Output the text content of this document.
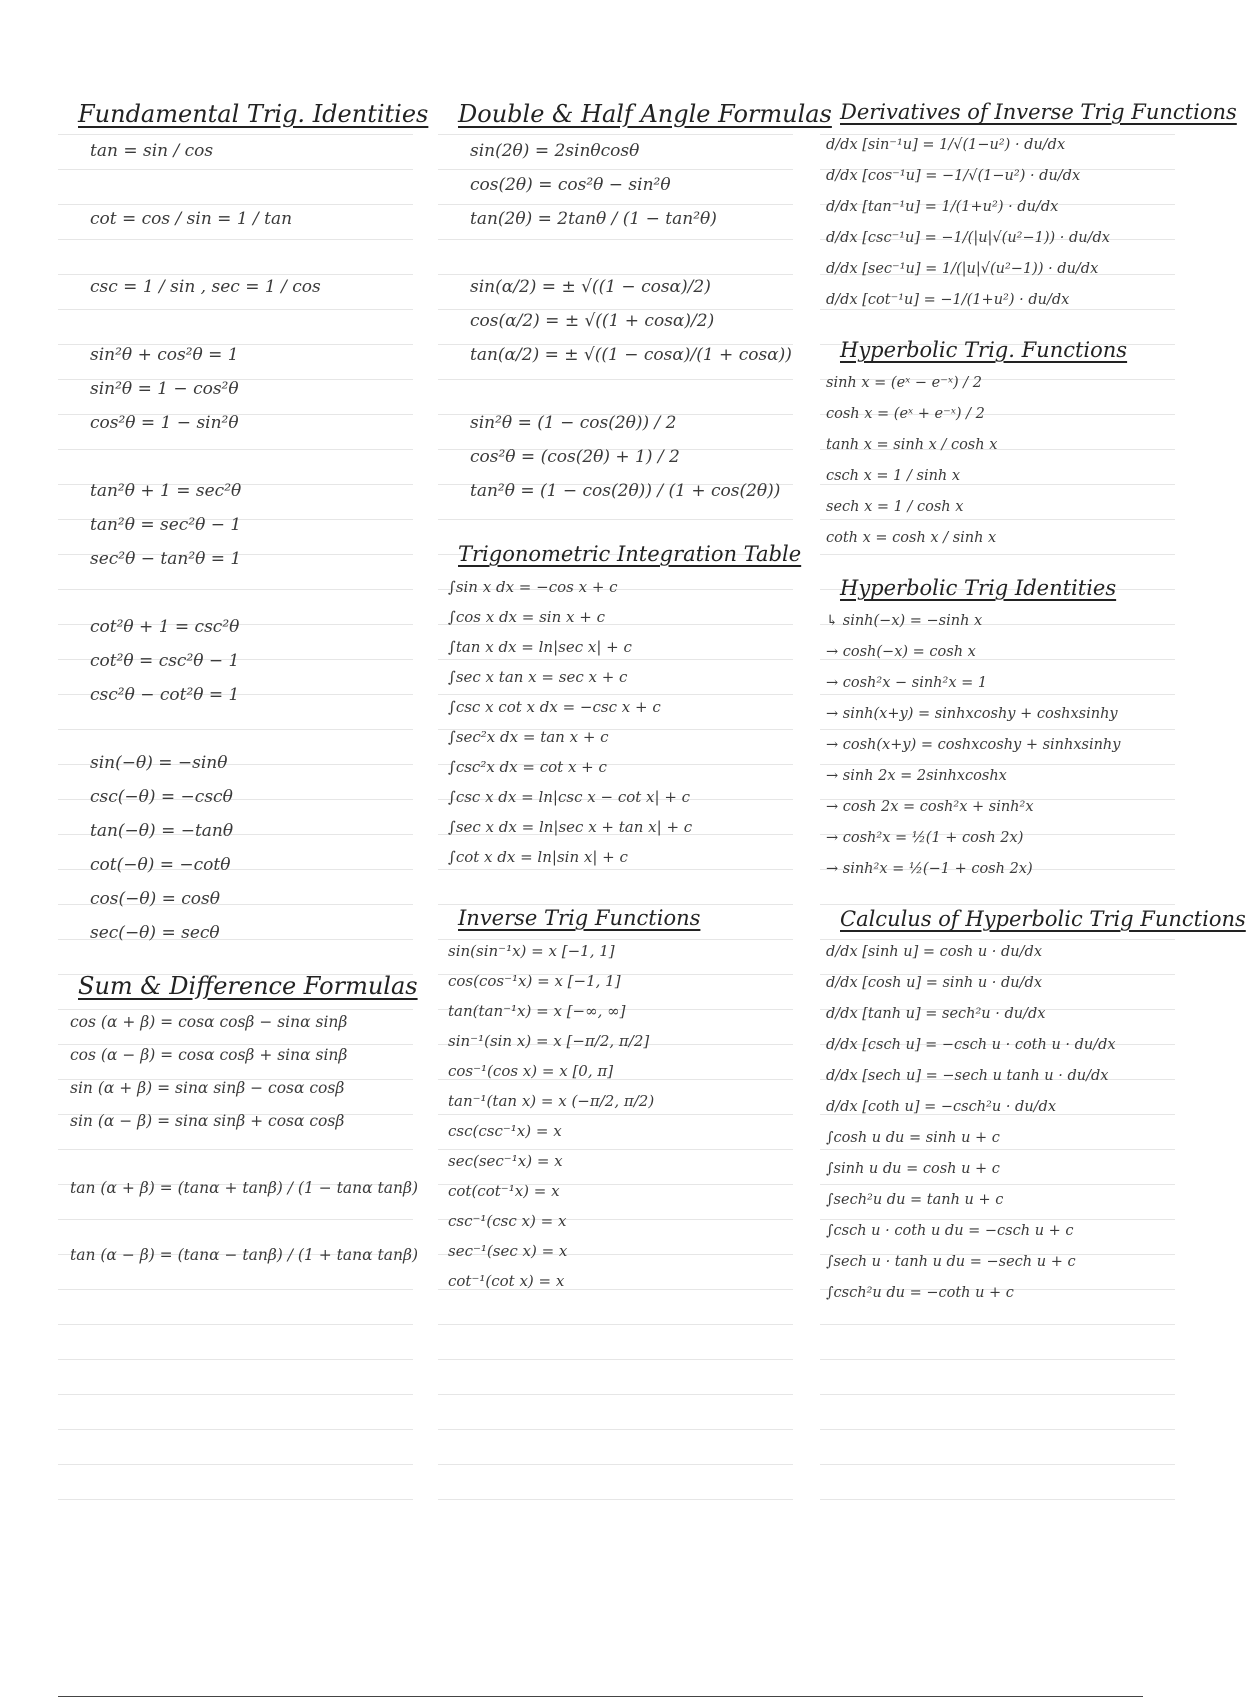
Fundamental Trig. Identities
tan = sin / cos
cot = cos / sin = 1 / tan
csc = 1 / sin , sec = 1 / cos
sin²θ + cos²θ = 1
sin²θ = 1 − cos²θ
cos²θ = 1 − sin²θ
tan²θ + 1 = sec²θ
tan²θ = sec²θ − 1
sec²θ − tan²θ = 1
cot²θ + 1 = csc²θ
cot²θ = csc²θ − 1
csc²θ − cot²θ = 1
sin(−θ) = −sinθ
csc(−θ) = −cscθ
tan(−θ) = −tanθ
cot(−θ) = −cotθ
cos(−θ) = cosθ
sec(−θ) = secθ
Sum & Difference Formulas
cos (α + β) = cosα cosβ − sinα sinβ
cos (α − β) = cosα cosβ + sinα sinβ
sin (α + β) = sinα sinβ − cosα cosβ
sin (α − β) = sinα sinβ + cosα cosβ
tan (α + β) = (tanα + tanβ) / (1 − tanα tanβ)
tan (α − β) = (tanα − tanβ) / (1 + tanα tanβ)
Double & Half Angle Formulas
sin(2θ) = 2sinθcosθ
cos(2θ) = cos²θ − sin²θ
tan(2θ) = 2tanθ / (1 − tan²θ)
sin(α/2) = ± √((1 − cosα)/2)
cos(α/2) = ± √((1 + cosα)/2)
tan(α/2) = ± √((1 − cosα)/(1 + cosα))
sin²θ = (1 − cos(2θ)) / 2
cos²θ = (cos(2θ) + 1) / 2
tan²θ = (1 − cos(2θ)) / (1 + cos(2θ))
Trigonometric Integration Table
∫sin x dx = −cos x + c
∫cos x dx = sin x + c
∫tan x dx = ln|sec x| + c
∫sec x tan x = sec x + c
∫csc x cot x dx = −csc x + c
∫sec²x dx = tan x + c
∫csc²x dx = cot x + c
∫csc x dx = ln|csc x − cot x| + c
∫sec x dx = ln|sec x + tan x| + c
∫cot x dx = ln|sin x| + c
Inverse Trig Functions
sin(sin⁻¹x) = x [−1, 1]
cos(cos⁻¹x) = x [−1, 1]
tan(tan⁻¹x) = x [−∞, ∞]
sin⁻¹(sin x) = x [−π/2, π/2]
cos⁻¹(cos x) = x [0, π]
tan⁻¹(tan x) = x (−π/2, π/2)
csc(csc⁻¹x) = x
sec(sec⁻¹x) = x
cot(cot⁻¹x) = x
csc⁻¹(csc x) = x
sec⁻¹(sec x) = x
cot⁻¹(cot x) = x
Derivatives of Inverse Trig Functions
d/dx [sin⁻¹u] = 1/√(1−u²) · du/dx
d/dx [cos⁻¹u] = −1/√(1−u²) · du/dx
d/dx [tan⁻¹u] = 1/(1+u²) · du/dx
d/dx [csc⁻¹u] = −1/(|u|√(u²−1)) · du/dx
d/dx [sec⁻¹u] = 1/(|u|√(u²−1)) · du/dx
d/dx [cot⁻¹u] = −1/(1+u²) · du/dx
Hyperbolic Trig. Functions
sinh x = (eˣ − e⁻ˣ) / 2
cosh x = (eˣ + e⁻ˣ) / 2
tanh x = sinh x / cosh x
csch x = 1 / sinh x
sech x = 1 / cosh x
coth x = cosh x / sinh x
Hyperbolic Trig Identities
↳ sinh(−x) = −sinh x
→ cosh(−x) = cosh x
→ cosh²x − sinh²x = 1
→ sinh(x+y) = sinhxcoshy + coshxsinhy
→ cosh(x+y) = coshxcoshy + sinhxsinhy
→ sinh 2x = 2sinhxcoshx
→ cosh 2x = cosh²x + sinh²x
→ cosh²x = ½(1 + cosh 2x)
→ sinh²x = ½(−1 + cosh 2x)
Calculus of Hyperbolic Trig Functions
d/dx [sinh u] = cosh u · du/dx
d/dx [cosh u] = sinh u · du/dx
d/dx [tanh u] = sech²u · du/dx
d/dx [csch u] = −csch u · coth u · du/dx
d/dx [sech u] = −sech u tanh u · du/dx
d/dx [coth u] = −csch²u · du/dx
∫cosh u du = sinh u + c
∫sinh u du = cosh u + c
∫sech²u du = tanh u + c
∫csch u · coth u du = −csch u + c
∫sech u · tanh u du = −sech u + c
∫csch²u du = −coth u + c
